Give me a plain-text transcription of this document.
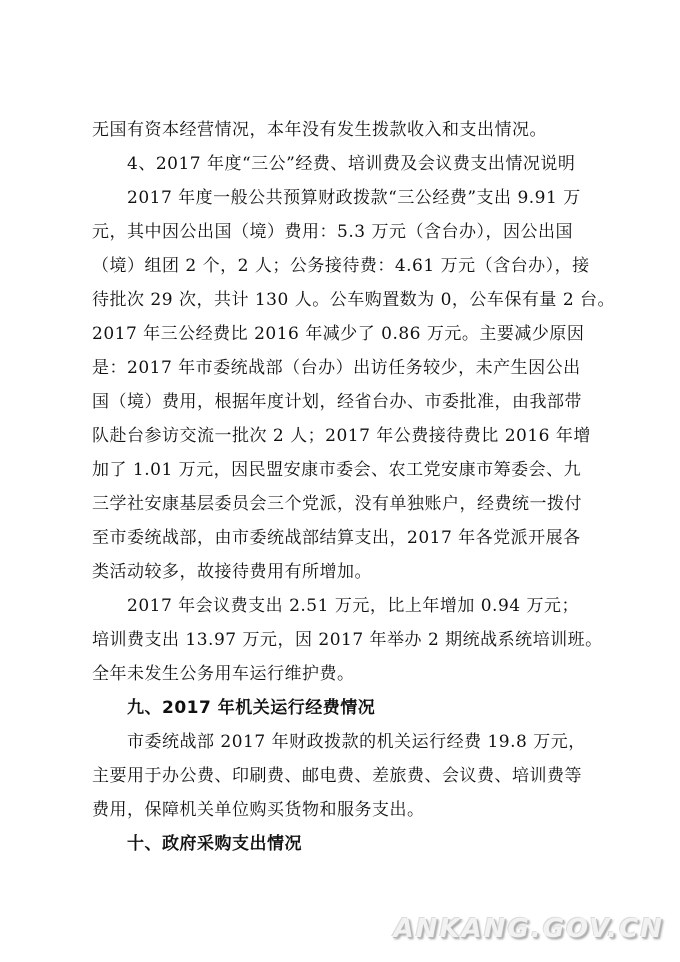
无国有资本经营情况，本年没有发生拨款收入和支出情况。
4、2017 年度“三公”经费、培训费及会议费支出情况说明
2017 年度一般公共预算财政拨款“三公经费”支出 9.91 万
元，其中因公出国（境）费用：5.3 万元（含台办），因公出国
（境）组团 2 个，2 人；公务接待费：4.61 万元（含台办），接
待批次 29 次，共计 130 人。公车购置数为 0，公车保有量 2 台。
2017 年三公经费比 2016 年减少了 0.86 万元。主要减少原因
是：2017 年市委统战部（台办）出访任务较少，未产生因公出
国（境）费用，根据年度计划，经省台办、市委批准，由我部带
队赴台参访交流一批次 2 人；2017 年公费接待费比 2016 年增
加了 1.01 万元，因民盟安康市委会、农工党安康市筹委会、九
三学社安康基层委员会三个党派，没有单独账户，经费统一拨付
至市委统战部，由市委统战部结算支出，2017 年各党派开展各
类活动较多，故接待费用有所增加。
2017 年会议费支出 2.51 万元，比上年增加 0.94 万元；
培训费支出 13.97 万元，因 2017 年举办 2 期统战系统培训班。
全年未发生公务用车运行维护费。
九、2017 年机关运行经费情况
市委统战部 2017 年财政拨款的机关运行经费 19.8 万元，
主要用于办公费、印刷费、邮电费、差旅费、会议费、培训费等
费用，保障机关单位购买货物和服务支出。
十、政府采购支出情况
ANKANG.GOV.CN
